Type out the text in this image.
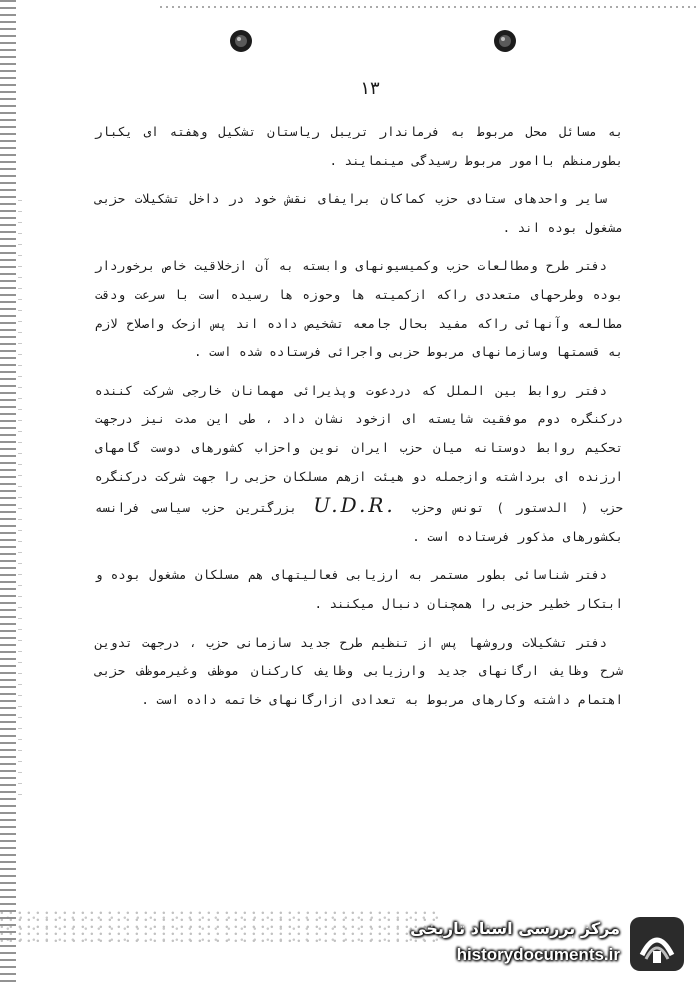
١٣

به مسائل محل مربوط به فرماندار تریبل ریاستان تشکیل وهفته ای یکبار بطورمنظم باامور مربوط رسیدگی مینمایند .

سایر واحدهای ستادی حزب کماکان برایفای نقش خود در داخل تشکیلات حزبی مشغول بوده اند .

دفتر طرح ومطالعات حزب وکمیسیونهای وابسته به آن ازخلاقیت خاص برخوردار بوده وطرحهای متعددی راکه ازکمیته ها وحوزه ها رسیده است با سرعت ودقت مطالعه وآنهائی راکه مفید بحال جامعه تشخیص داده اند پس ازحک واصلاح لازم به قسمتها وسازمانهای مربوط حزبی واجرائی فرستاده شده است .

دفتر روابط بین الملل که دردعوت وپذیرائی مهمانان خارجی شرکت کننده درکنگره دوم موفقیت شایسته ای ازخود نشان داد ، طی این مدت نیز درجهت تحکیم روابط دوستانه میان حزب ایران نوین واحزاب کشورهای دوست گامهای ارزنده ای برداشته وازجمله دو هیئت ازهم مسلکان حزبی را جهت شرکت درکنگره حزب ( الدستور ) تونس وحزب U.D.R. بزرگترین حزب سیاسی فرانسه بکشورهای مذکور فرستاده است .

دفتر شناسائی بطور مستمر به ارزیابی فعالیتهای هم مسلکان مشغول بوده و ابتکار خطیر حزبی را همچنان دنبال میکنند .

دفتر تشکیلات وروشها پس از تنظیم طرح جدید سازمانی حزب ، درجهت تدوین شرح وظایف ارگانهای جدید وارزیابی وظایف کارکنان موظف وغیرموظف حزبی اهتمام داشته وکارهای مربوط به تعدادی ازارگانهای خاتمه داده است .

مرکز بررسی اسناد تاریخی
historydocuments.ir
